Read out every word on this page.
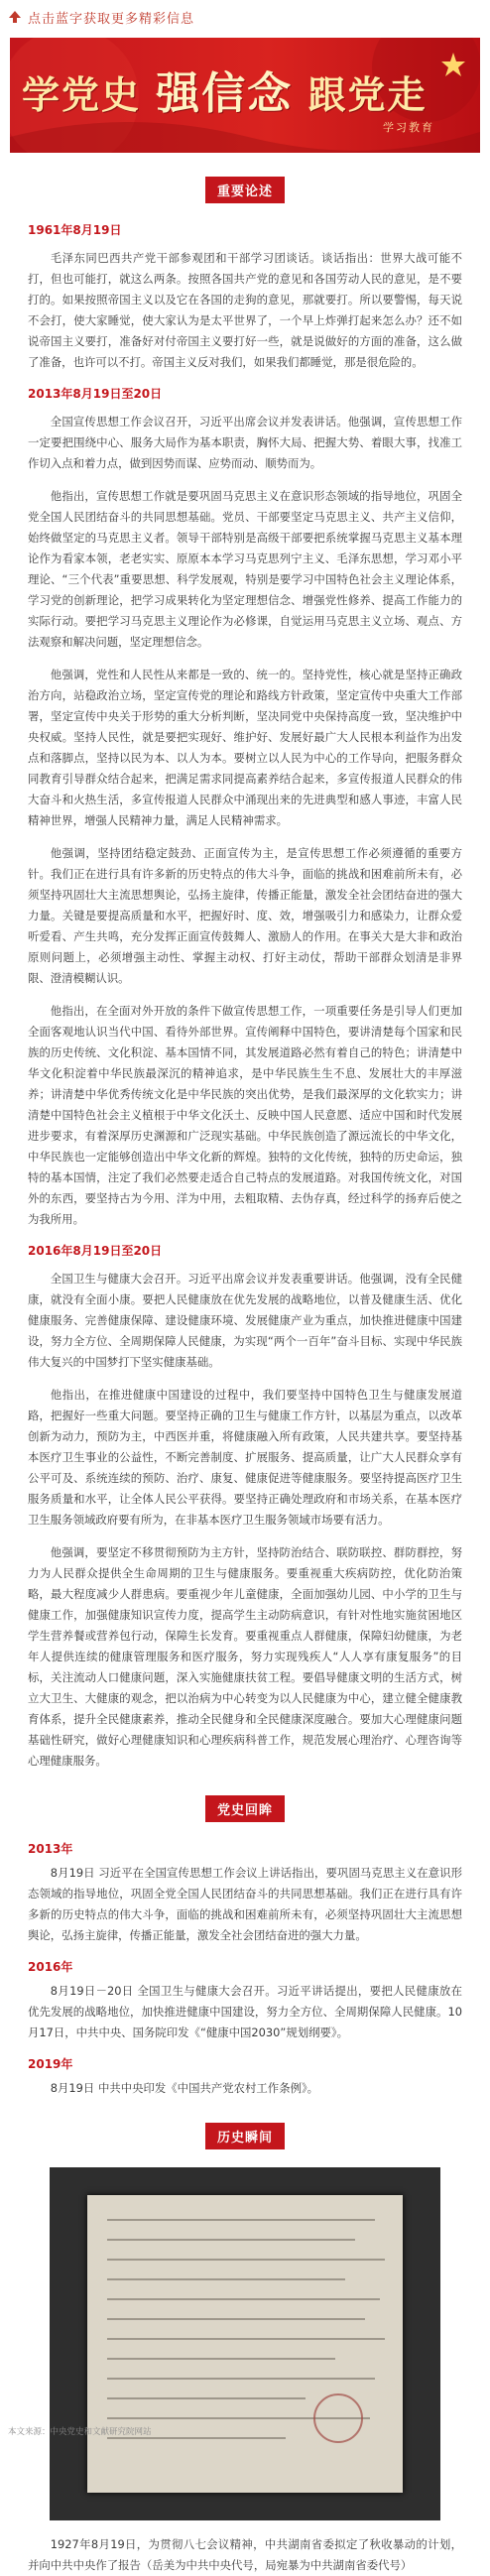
点击蓝字获取更多精彩信息
学党史 强信念 跟党走
学习教育
重要论述
1961年8月19日

毛泽东同巴西共产党干部参观团和干部学习团谈话。谈话指出：世界大战可能不打，但也可能打，就这么两条。按照各国共产党的意见和各国劳动人民的意见，是不要打的。如果按照帝国主义以及它在各国的走狗的意见，那就要打。所以要警惕，每天说不会打，使大家睡觉，使大家认为是太平世界了，一个早上炸弹打起来怎么办？还不如说帝国主义要打，准备好对付帝国主义要打好一些，就是说做好的方面的准备，这么做了准备，也许可以不打。帝国主义反对我们，如果我们都睡觉，那是很危险的。

2013年8月19日至20日

全国宣传思想工作会议召开，习近平出席会议并发表讲话。他强调，宣传思想工作一定要把围绕中心、服务大局作为基本职责，胸怀大局、把握大势、着眼大事，找准工作切入点和着力点，做到因势而谋、应势而动、顺势而为。

他指出，宣传思想工作就是要巩固马克思主义在意识形态领域的指导地位，巩固全党全国人民团结奋斗的共同思想基础。党员、干部要坚定马克思主义、共产主义信仰，始终做坚定的马克思主义者。领导干部特别是高级干部要把系统掌握马克思主义基本理论作为看家本领，老老实实、原原本本学习马克思列宁主义、毛泽东思想，学习邓小平理论、“三个代表”重要思想、科学发展观，特别是要学习中国特色社会主义理论体系，学习党的创新理论，把学习成果转化为坚定理想信念、增强党性修养、提高工作能力的实际行动。要把学习马克思主义理论作为必修课，自觉运用马克思主义立场、观点、方法观察和解决问题，坚定理想信念。

他强调，党性和人民性从来都是一致的、统一的。坚持党性，核心就是坚持正确政治方向，站稳政治立场，坚定宣传党的理论和路线方针政策，坚定宣传中央重大工作部署，坚定宣传中央关于形势的重大分析判断，坚决同党中央保持高度一致，坚决维护中央权威。坚持人民性，就是要把实现好、维护好、发展好最广大人民根本利益作为出发点和落脚点，坚持以民为本、以人为本。要树立以人民为中心的工作导向，把服务群众同教育引导群众结合起来，把满足需求同提高素养结合起来，多宣传报道人民群众的伟大奋斗和火热生活，多宣传报道人民群众中涌现出来的先进典型和感人事迹，丰富人民精神世界，增强人民精神力量，满足人民精神需求。

他强调，坚持团结稳定鼓劲、正面宣传为主，是宣传思想工作必须遵循的重要方针。我们正在进行具有许多新的历史特点的伟大斗争，面临的挑战和困难前所未有，必须坚持巩固壮大主流思想舆论，弘扬主旋律，传播正能量，激发全社会团结奋进的强大力量。关键是要提高质量和水平，把握好时、度、效，增强吸引力和感染力，让群众爱听爱看、产生共鸣，充分发挥正面宣传鼓舞人、激励人的作用。在事关大是大非和政治原则问题上，必须增强主动性、掌握主动权、打好主动仗，帮助干部群众划清是非界限、澄清模糊认识。

他指出，在全面对外开放的条件下做宣传思想工作，一项重要任务是引导人们更加全面客观地认识当代中国、看待外部世界。宣传阐释中国特色，要讲清楚每个国家和民族的历史传统、文化积淀、基本国情不同，其发展道路必然有着自己的特色；讲清楚中华文化积淀着中华民族最深沉的精神追求，是中华民族生生不息、发展壮大的丰厚滋养；讲清楚中华优秀传统文化是中华民族的突出优势，是我们最深厚的文化软实力；讲清楚中国特色社会主义植根于中华文化沃土、反映中国人民意愿、适应中国和时代发展进步要求，有着深厚历史渊源和广泛现实基础。中华民族创造了源远流长的中华文化，中华民族也一定能够创造出中华文化新的辉煌。独特的文化传统，独特的历史命运，独特的基本国情，注定了我们必然要走适合自己特点的发展道路。对我国传统文化，对国外的东西，要坚持古为今用、洋为中用，去粗取精、去伪存真，经过科学的扬弃后使之为我所用。

2016年8月19日至20日

全国卫生与健康大会召开。习近平出席会议并发表重要讲话。他强调，没有全民健康，就没有全面小康。要把人民健康放在优先发展的战略地位，以普及健康生活、优化健康服务、完善健康保障、建设健康环境、发展健康产业为重点，加快推进健康中国建设，努力全方位、全周期保障人民健康，为实现“两个一百年”奋斗目标、实现中华民族伟大复兴的中国梦打下坚实健康基础。

他指出，在推进健康中国建设的过程中，我们要坚持中国特色卫生与健康发展道路，把握好一些重大问题。要坚持正确的卫生与健康工作方针，以基层为重点，以改革创新为动力，预防为主，中西医并重，将健康融入所有政策，人民共建共享。要坚持基本医疗卫生事业的公益性，不断完善制度、扩展服务、提高质量，让广大人民群众享有公平可及、系统连续的预防、治疗、康复、健康促进等健康服务。要坚持提高医疗卫生服务质量和水平，让全体人民公平获得。要坚持正确处理政府和市场关系，在基本医疗卫生服务领域政府要有所为，在非基本医疗卫生服务领域市场要有活力。

他强调，要坚定不移贯彻预防为主方针，坚持防治结合、联防联控、群防群控，努力为人民群众提供全生命周期的卫生与健康服务。要重视重大疾病防控，优化防治策略，最大程度减少人群患病。要重视少年儿童健康，全面加强幼儿园、中小学的卫生与健康工作，加强健康知识宣传力度，提高学生主动防病意识，有针对性地实施贫困地区学生营养餐或营养包行动，保障生长发育。要重视重点人群健康，保障妇幼健康，为老年人提供连续的健康管理服务和医疗服务，努力实现残疾人“人人享有康复服务”的目标，关注流动人口健康问题，深入实施健康扶贫工程。要倡导健康文明的生活方式，树立大卫生、大健康的观念，把以治病为中心转变为以人民健康为中心，建立健全健康教育体系，提升全民健康素养，推动全民健身和全民健康深度融合。要加大心理健康问题基础性研究，做好心理健康知识和心理疾病科普工作，规范发展心理治疗、心理咨询等心理健康服务。

党史回眸
2013年

8月19日 习近平在全国宣传思想工作会议上讲话指出，要巩固马克思主义在意识形态领域的指导地位，巩固全党全国人民团结奋斗的共同思想基础。我们正在进行具有许多新的历史特点的伟大斗争，面临的挑战和困难前所未有，必须坚持巩固壮大主流思想舆论，弘扬主旋律，传播正能量，激发全社会团结奋进的强大力量。

2016年

8月19日－20日 全国卫生与健康大会召开。习近平讲话提出，要把人民健康放在优先发展的战略地位，加快推进健康中国建设，努力全方位、全周期保障人民健康。10月17日，中共中央、国务院印发《“健康中国2030”规划纲要》。

2019年

8月19日 中共中央印发《中国共产党农村工作条例》。

历史瞬间

1927年8月19日，为贯彻八七会议精神，中共湖南省委拟定了秋收暴动的计划，并向中共中央作了报告（岳美为中共中央代号，局宛暴为中共湖南省委代号）

本文来源：中央党史和文献研究院网站
